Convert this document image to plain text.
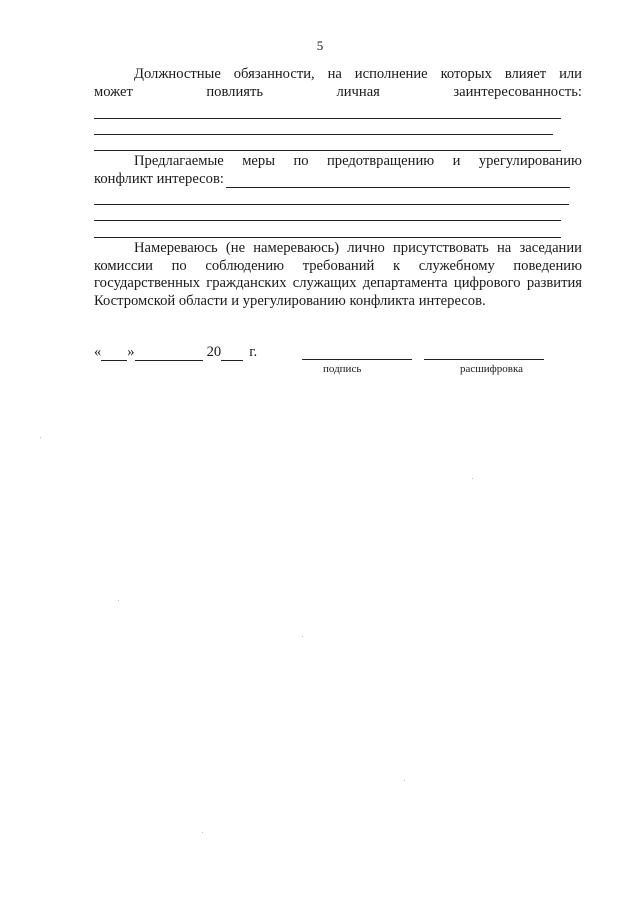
5
Должностные обязанности, на исполнение которых влияет или
может	повлиять	личная	заинтересованность:
Предлагаемые меры по предотвращению и урегулированию
конфликт интересов:

Намереваюсь (не намереваюсь) лично присутствовать на заседании комиссии по соблюдению требований к служебному поведению государственных гражданских служащих департамента цифрового развития Костромской области и урегулированию конфликта интересов.

« »	20 г.
подпись	расшифровка
